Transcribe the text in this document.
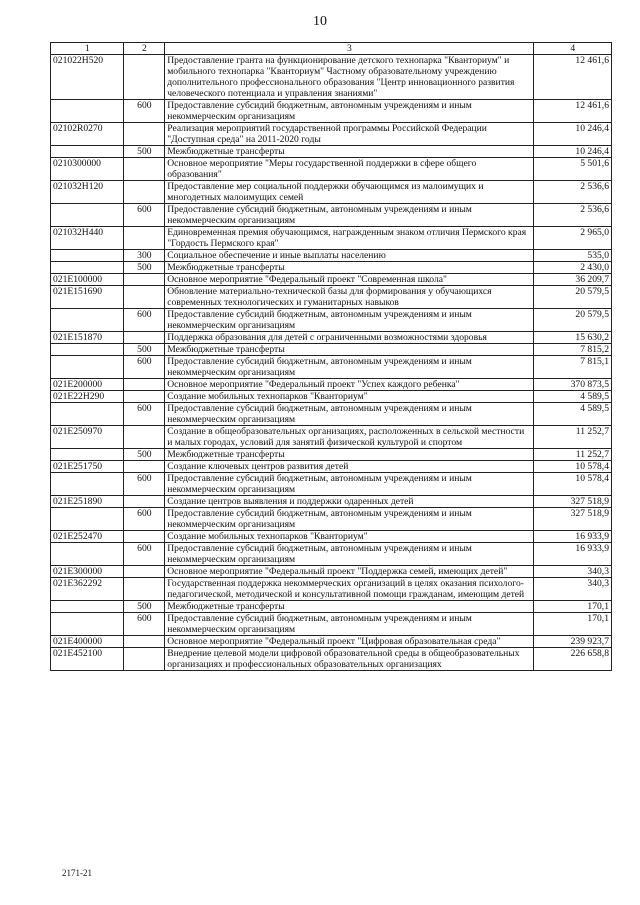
10
1	2	3	4
021022H520		Предоставление гранта на функционирование детского технопарка "Кванториум" и мобильного технопарка "Кванториум" Частному образовательному учреждению дополнительного профессионального образования "Центр инновационного развития человеческого потенциала и управления знаниями"	12 461,6
	600	Предоставление субсидий бюджетным, автономным учреждениям и иным некоммерческим организациям	12 461,6
02102R0270		Реализация мероприятий государственной программы Российской Федерации "Доступная среда" на 2011-2020 годы	10 246,4
	500	Межбюджетные трансферты	10 246,4
0210300000		Основное мероприятие "Меры государственной поддержки в сфере общего образования"	5 501,6
021032Н120		Предоставление мер социальной поддержки обучающимся из малоимущих и многодетных малоимущих семей	2 536,6
	600	Предоставление субсидий бюджетным, автономным учреждениям и иным некоммерческим организациям	2 536,6
021032Н440		Единовременная премия обучающимся, награжденным знаком отличия Пермского края "Гордость Пермского края"	2 965,0
	300	Социальное обеспечение и иные выплаты населению	535,0
	500	Межбюджетные трансферты	2 430,0
021Е100000		Основное мероприятие "Федеральный проект "Современная школа"	36 209,7
021Е151690		Обновление материально-технической базы для формирования у обучающихся современных технологических и гуманитарных навыков	20 579,5
	600	Предоставление субсидий бюджетным, автономным учреждениям и иным некоммерческим организациям	20 579,5
021Е151870		Поддержка образования для детей с ограниченными возможностями здоровья	15 630,2
	500	Межбюджетные трансферты	7 815,2
	600	Предоставление субсидий бюджетным, автономным учреждениям и иным некоммерческим организациям	7 815,1
021Е200000		Основное мероприятие "Федеральный проект "Успех каждого ребенка"	370 873,5
021Е22Н290		Создание мобильных технопарков "Кванториум"	4 589,5
	600	Предоставление субсидий бюджетным, автономным учреждениям и иным некоммерческим организациям	4 589,5
021Е250970		Создание в общеобразовательных организациях, расположенных в сельской местности и малых городах, условий для занятий физической культурой и спортом	11 252,7
	500	Межбюджетные трансферты	11 252,7
021Е251750		Создание ключевых центров развития детей	10 578,4
	600	Предоставление субсидий бюджетным, автономным учреждениям и иным некоммерческим организациям	10 578,4
021Е251890		Создание центров выявления и поддержки одаренных детей	327 518,9
	600	Предоставление субсидий бюджетным, автономным учреждениям и иным некоммерческим организациям	327 518,9
021Е252470		Создание мобильных технопарков "Кванториум"	16 933,9
	600	Предоставление субсидий бюджетным, автономным учреждениям и иным некоммерческим организациям	16 933,9
021Е300000		Основное мероприятие "Федеральный проект "Поддержка семей, имеющих детей"	340,3
021Е362292		Государственная поддержка некоммерческих организаций в целях оказания психолого-педагогической, методической и консультативной помощи гражданам, имеющим детей	340,3
	500	Межбюджетные трансферты	170,1
	600	Предоставление субсидий бюджетным, автономным учреждениям и иным некоммерческим организациям	170,1
021Е400000		Основное мероприятие "Федеральный проект "Цифровая образовательная среда"	239 923,7
021Е452100		Внедрение целевой модели цифровой образовательной среды в общеобразовательных организациях и профессиональных образовательных организациях	226 658,8
2171-21
